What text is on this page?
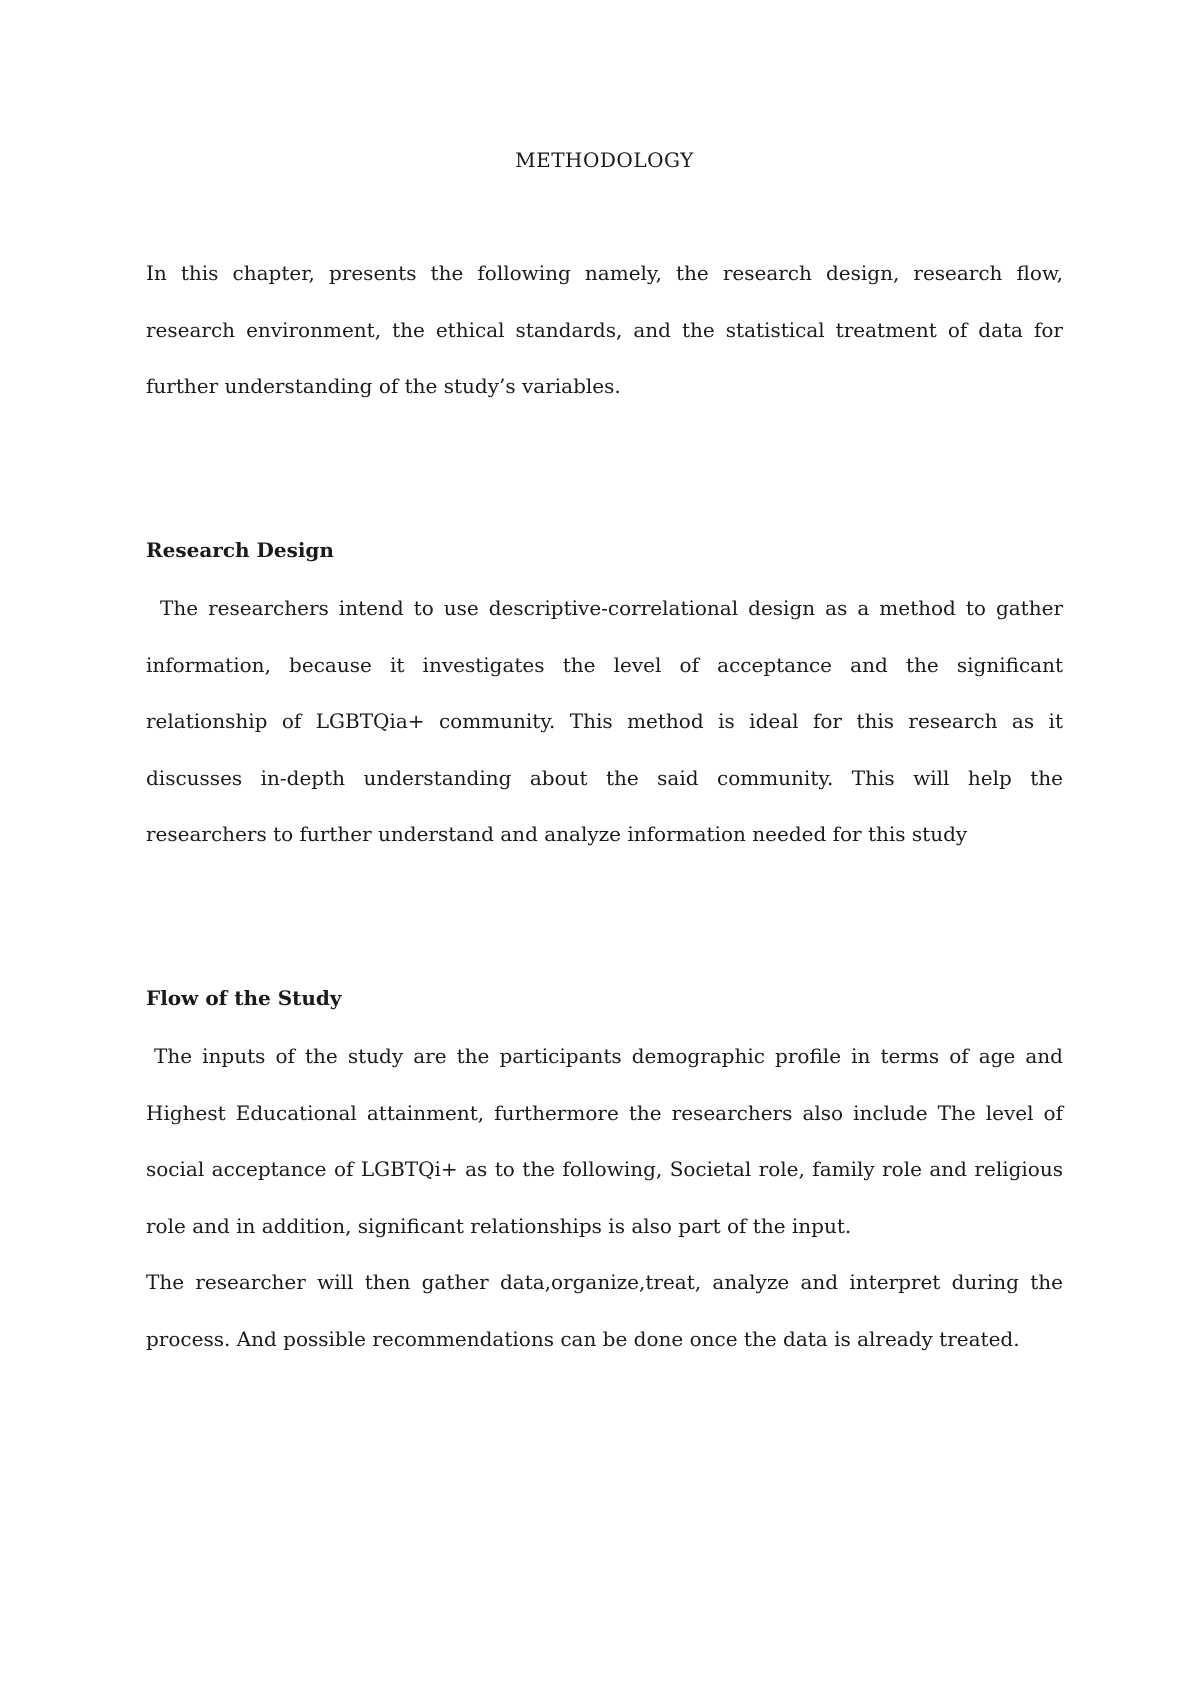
METHODOLOGY

In this chapter, presents the following namely, the research design, research flow, research environment, the ethical standards, and the statistical treatment of data for further understanding of the study’s variables.

Research Design

The researchers intend to use descriptive-correlational design as a method to gather information, because it investigates the level of acceptance and the significant relationship of LGBTQia+ community. This method is ideal for this research as it discusses in-depth understanding about the said community. This will help the researchers to further understand and analyze information needed for this study

Flow of the Study

The inputs of the study are the participants demographic profile in terms of age and Highest Educational attainment, furthermore the researchers also include The level of social acceptance of LGBTQi+ as to the following, Societal role, family role and religious role and in addition, significant relationships is also part of the input.

The researcher will then gather data,organize,treat, analyze and interpret during the process. And possible recommendations can be done once the data is already treated.
